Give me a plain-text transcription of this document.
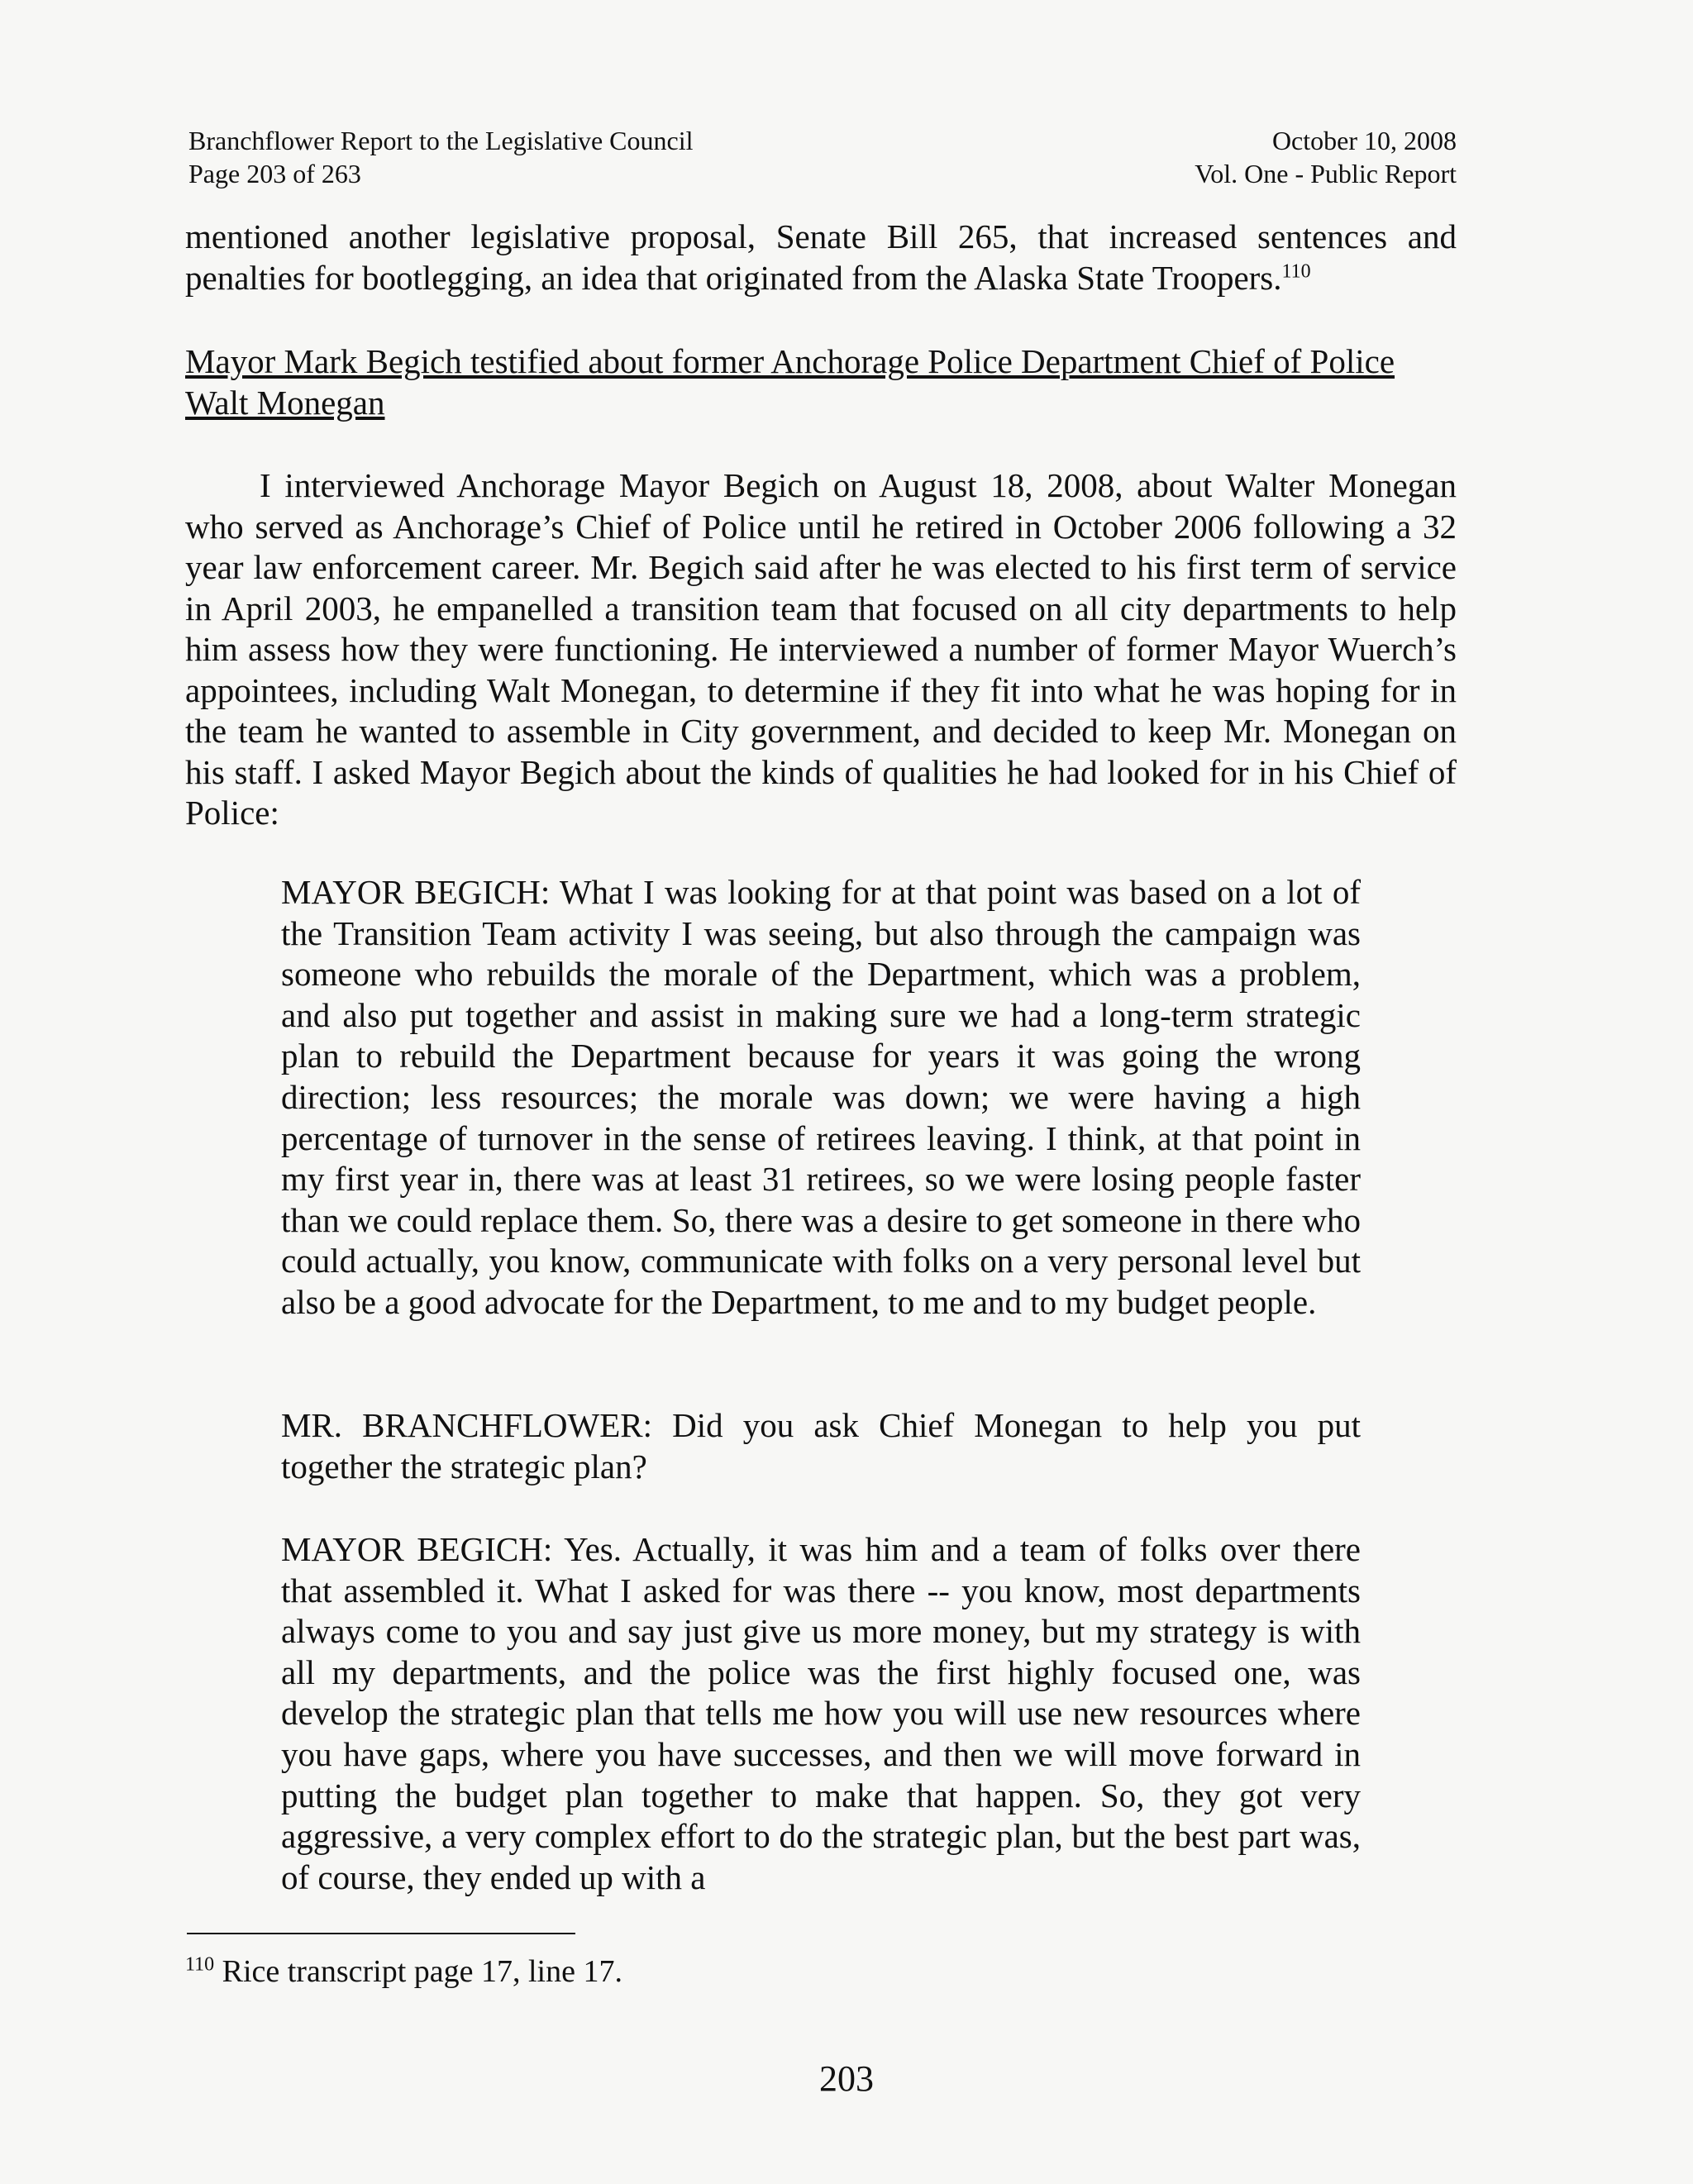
Branchflower Report to the Legislative Council
Page 203 of 263
October 10, 2008
Vol. One - Public Report
mentioned another legislative proposal, Senate Bill 265, that increased sentences and penalties for bootlegging, an idea that originated from the Alaska State Troopers.$^{110}$
Mayor Mark Begich testified about former Anchorage Police Department Chief of Police Walt Monegan
I interviewed Anchorage Mayor Begich on August 18, 2008, about Walter Monegan who served as Anchorage’s Chief of Police until he retired in October 2006 following a 32 year law enforcement career. Mr. Begich said after he was elected to his first term of service in April 2003, he empanelled a transition team that focused on all city departments to help him assess how they were functioning. He interviewed a number of former Mayor Wuerch’s appointees, including Walt Monegan, to determine if they fit into what he was hoping for in the team he wanted to assemble in City government, and decided to keep Mr. Monegan on his staff. I asked Mayor Begich about the kinds of qualities he had looked for in his Chief of Police:
MAYOR BEGICH: What I was looking for at that point was based on a lot of the Transition Team activity I was seeing, but also through the campaign was someone who rebuilds the morale of the Department, which was a problem, and also put together and assist in making sure we had a long-term strategic plan to rebuild the Department because for years it was going the wrong direction; less resources; the morale was down; we were having a high percentage of turnover in the sense of retirees leaving. I think, at that point in my first year in, there was at least 31 retirees, so we were losing people faster than we could replace them. So, there was a desire to get someone in there who could actually, you know, communicate with folks on a very personal level but also be a good advocate for the Department, to me and to my budget people.
MR. BRANCHFLOWER: Did you ask Chief Monegan to help you put together the strategic plan?
MAYOR BEGICH: Yes. Actually, it was him and a team of folks over there that assembled it. What I asked for was there -- you know, most departments always come to you and say just give us more money, but my strategy is with all my departments, and the police was the first highly focused one, was develop the strategic plan that tells me how you will use new resources where you have gaps, where you have successes, and then we will move forward in putting the budget plan together to make that happen. So, they got very aggressive, a very complex effort to do the strategic plan, but the best part was, of course, they ended up with a
$^{110}$ Rice transcript page 17, line 17.
203
